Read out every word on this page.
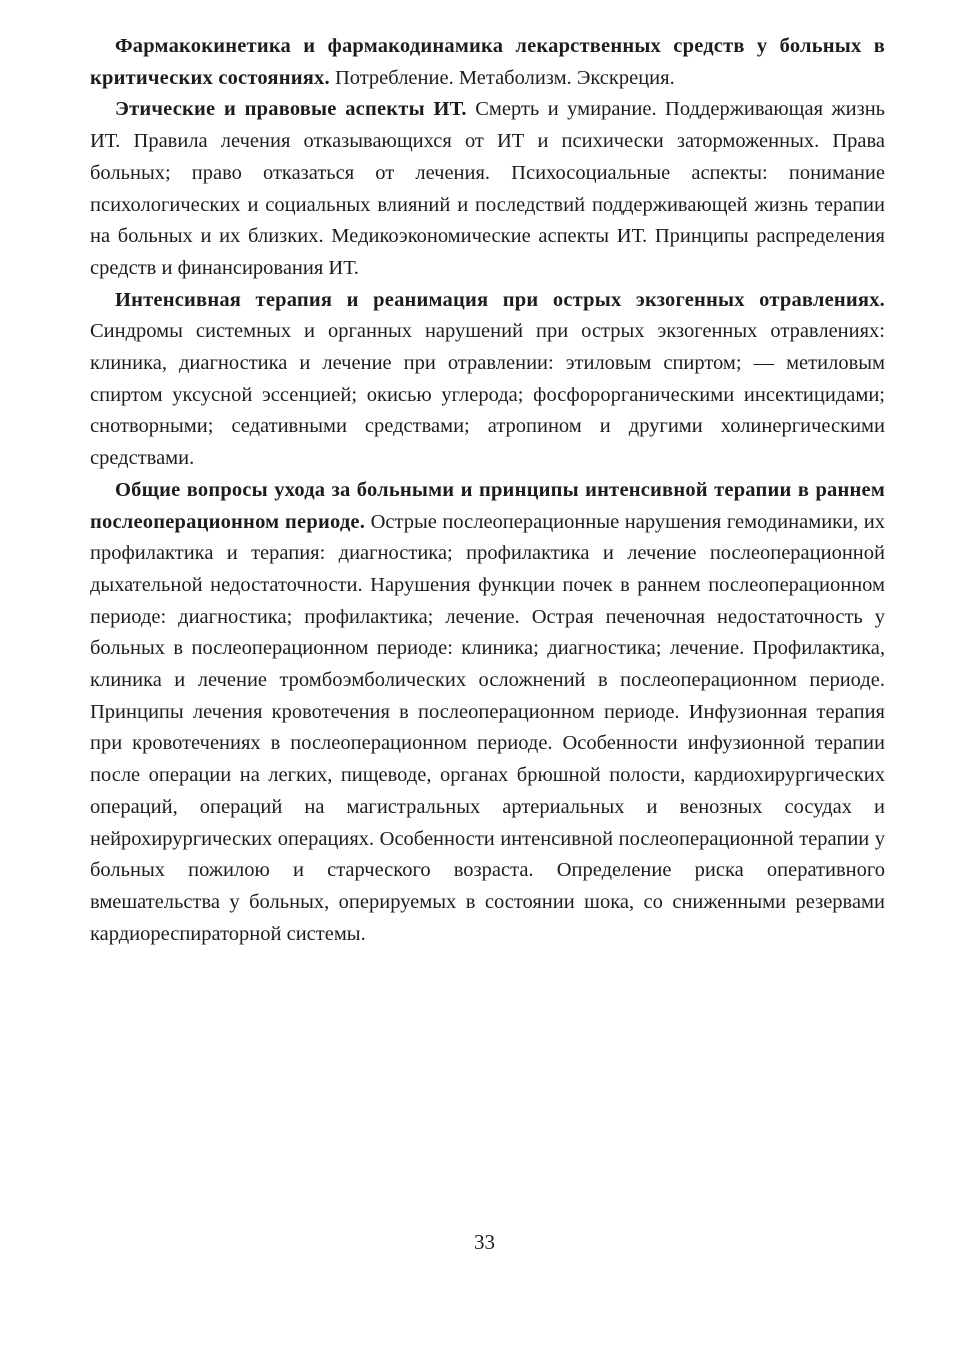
Фармакокинетика и фармакодинамика лекарственных средств у больных в критических состояниях. Потребление. Метаболизм. Экскреция.

Этические и правовые аспекты ИТ. Смерть и умирание. Поддерживающая жизнь ИТ. Правила лечения отказывающихся от ИТ и психически заторможенных. Права больных; право отказаться от лечения. Психосоциальные аспекты: понимание психологических и социальных влияний и последствий поддерживающей жизнь терапии на больных и их близких. Медикоэкономические аспекты ИТ. Принципы распределения средств и финансирования ИТ.

Интенсивная терапия и реанимация при острых экзогенных отравлениях. Синдромы системных и органных нарушений при острых экзогенных отравлениях: клиника, диагностика и лечение при отравлении: этиловым спиртом; — метиловым спиртом уксусной эссенцией; окисью углерода; фосфорорганическими инсектицидами; снотворными; седативными средствами; атропином и другими холинергическими средствами.

Общие вопросы ухода за больными и принципы интенсивной терапии в раннем послеоперационном периоде. Острые послеоперационные нарушения гемодинамики, их профилактика и терапия: диагностика; профилактика и лечение послеоперационной дыхательной недостаточности. Нарушения функции почек в раннем послеоперационном периоде: диагностика; профилактика; лечение. Острая печеночная недостаточность у больных в послеоперационном периоде: клиника; диагностика; лечение. Профилактика, клиника и лечение тромбоэмболических осложнений в послеоперационном периоде. Принципы лечения кровотечения в послеоперационном периоде. Инфузионная терапия при кровотечениях в послеоперационном периоде. Особенности инфузионной терапии после операции на легких, пищеводе, органах брюшной полости, кардиохирургических операций, операций на магистральных артериальных и венозных сосудах и нейрохирургических операциях. Особенности интенсивной послеоперационной терапии у больных пожилою и старческого возраста. Определение риска оперативного вмешательства у больных, оперируемых в состоянии шока, со сниженными резервами кардиореспираторной системы.

33
